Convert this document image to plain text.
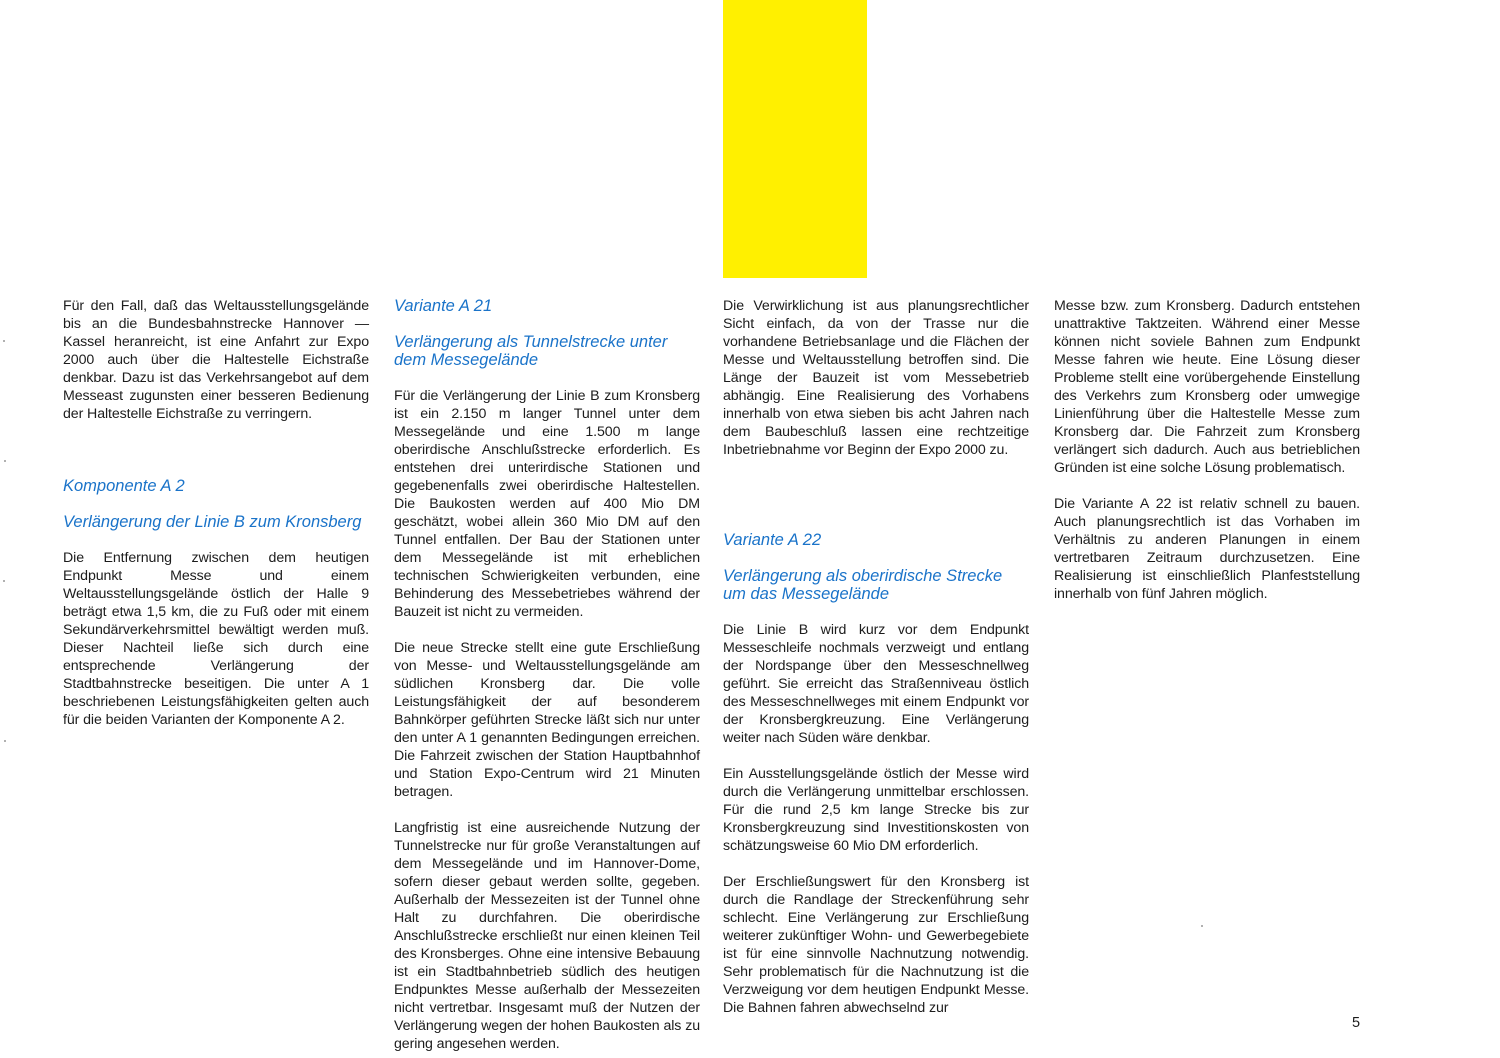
Für den Fall, daß das Weltausstellungsgelände bis an die Bundesbahnstrecke Hannover — Kassel heranreicht, ist eine Anfahrt zur Expo 2000 auch über die Haltestelle Eichstraße denkbar. Dazu ist das Verkehrsangebot auf dem Messeast zugunsten einer besseren Bedienung der Haltestelle Eichstraße zu verringern.

Komponente A 2

Verlängerung der Linie B zum Kronsberg

Die Entfernung zwischen dem heutigen Endpunkt Messe und einem Weltausstellungsgelände östlich der Halle 9 beträgt etwa 1,5 km, die zu Fuß oder mit einem Sekundärverkehrsmittel bewältigt werden muß. Dieser Nachteil ließe sich durch eine entsprechende Verlängerung der Stadtbahnstrecke beseitigen. Die unter A 1 beschriebenen Leistungsfähigkeiten gelten auch für die beiden Varianten der Komponente A 2.

Variante A 21

Verlängerung als Tunnelstrecke unter dem Messegelände

Für die Verlängerung der Linie B zum Kronsberg ist ein 2.150 m langer Tunnel unter dem Messegelände und eine 1.500 m lange oberirdische Anschlußstrecke erforderlich. Es entstehen drei unterirdische Stationen und gegebenenfalls zwei oberirdische Haltestellen. Die Baukosten werden auf 400 Mio DM geschätzt, wobei allein 360 Mio DM auf den Tunnel entfallen. Der Bau der Stationen unter dem Messegelände ist mit erheblichen technischen Schwierigkeiten verbunden, eine Behinderung des Messebetriebes während der Bauzeit ist nicht zu vermeiden.

Die neue Strecke stellt eine gute Erschließung von Messe- und Weltausstellungsgelände am südlichen Kronsberg dar. Die volle Leistungsfähigkeit der auf besonderem Bahnkörper geführten Strecke läßt sich nur unter den unter A 1 genannten Bedingungen erreichen. Die Fahrzeit zwischen der Station Hauptbahnhof und Station Expo-Centrum wird 21 Minuten betragen.

Langfristig ist eine ausreichende Nutzung der Tunnelstrecke nur für große Veranstaltungen auf dem Messegelände und im Hannover-Dome, sofern dieser gebaut werden sollte, gegeben. Außerhalb der Messezeiten ist der Tunnel ohne Halt zu durchfahren. Die oberirdische Anschlußstrecke erschließt nur einen kleinen Teil des Kronsberges. Ohne eine intensive Bebauung ist ein Stadtbahnbetrieb südlich des heutigen Endpunktes Messe außerhalb der Messezeiten nicht vertretbar. Insgesamt muß der Nutzen der Verlängerung wegen der hohen Baukosten als zu gering angesehen werden.

Die Verwirklichung ist aus planungsrechtlicher Sicht einfach, da von der Trasse nur die vorhandene Betriebsanlage und die Flächen der Messe und Weltausstellung betroffen sind. Die Länge der Bauzeit ist vom Messebetrieb abhängig. Eine Realisierung des Vorhabens innerhalb von etwa sieben bis acht Jahren nach dem Baubeschluß lassen eine rechtzeitige Inbetriebnahme vor Beginn der Expo 2000 zu.

Variante A 22

Verlängerung als oberirdische Strecke um das Messegelände

Die Linie B wird kurz vor dem Endpunkt Messeschleife nochmals verzweigt und entlang der Nordspange über den Messeschnellweg geführt. Sie erreicht das Straßenniveau östlich des Messeschnellweges mit einem Endpunkt vor der Kronsbergkreuzung. Eine Verlängerung weiter nach Süden wäre denkbar.

Ein Ausstellungsgelände östlich der Messe wird durch die Verlängerung unmittelbar erschlossen. Für die rund 2,5 km lange Strecke bis zur Kronsbergkreuzung sind Investitionskosten von schätzungsweise 60 Mio DM erforderlich.

Der Erschließungswert für den Kronsberg ist durch die Randlage der Streckenführung sehr schlecht. Eine Verlängerung zur Erschließung weiterer zukünftiger Wohn- und Gewerbegebiete ist für eine sinnvolle Nachnutzung notwendig. Sehr problematisch für die Nachnutzung ist die Verzweigung vor dem heutigen Endpunkt Messe. Die Bahnen fahren abwechselnd zur

Messe bzw. zum Kronsberg. Dadurch entstehen unattraktive Taktzeiten. Während einer Messe können nicht soviele Bahnen zum Endpunkt Messe fahren wie heute. Eine Lösung dieser Probleme stellt eine vorübergehende Einstellung des Verkehrs zum Kronsberg oder umwegige Linienführung über die Haltestelle Messe zum Kronsberg dar. Die Fahrzeit zum Kronsberg verlängert sich dadurch. Auch aus betrieblichen Gründen ist eine solche Lösung problematisch.

Die Variante A 22 ist relativ schnell zu bauen. Auch planungsrechtlich ist das Vorhaben im Verhältnis zu anderen Planungen in einem vertretbaren Zeitraum durchzusetzen. Eine Realisierung ist einschließlich Planfeststellung innerhalb von fünf Jahren möglich.

5
